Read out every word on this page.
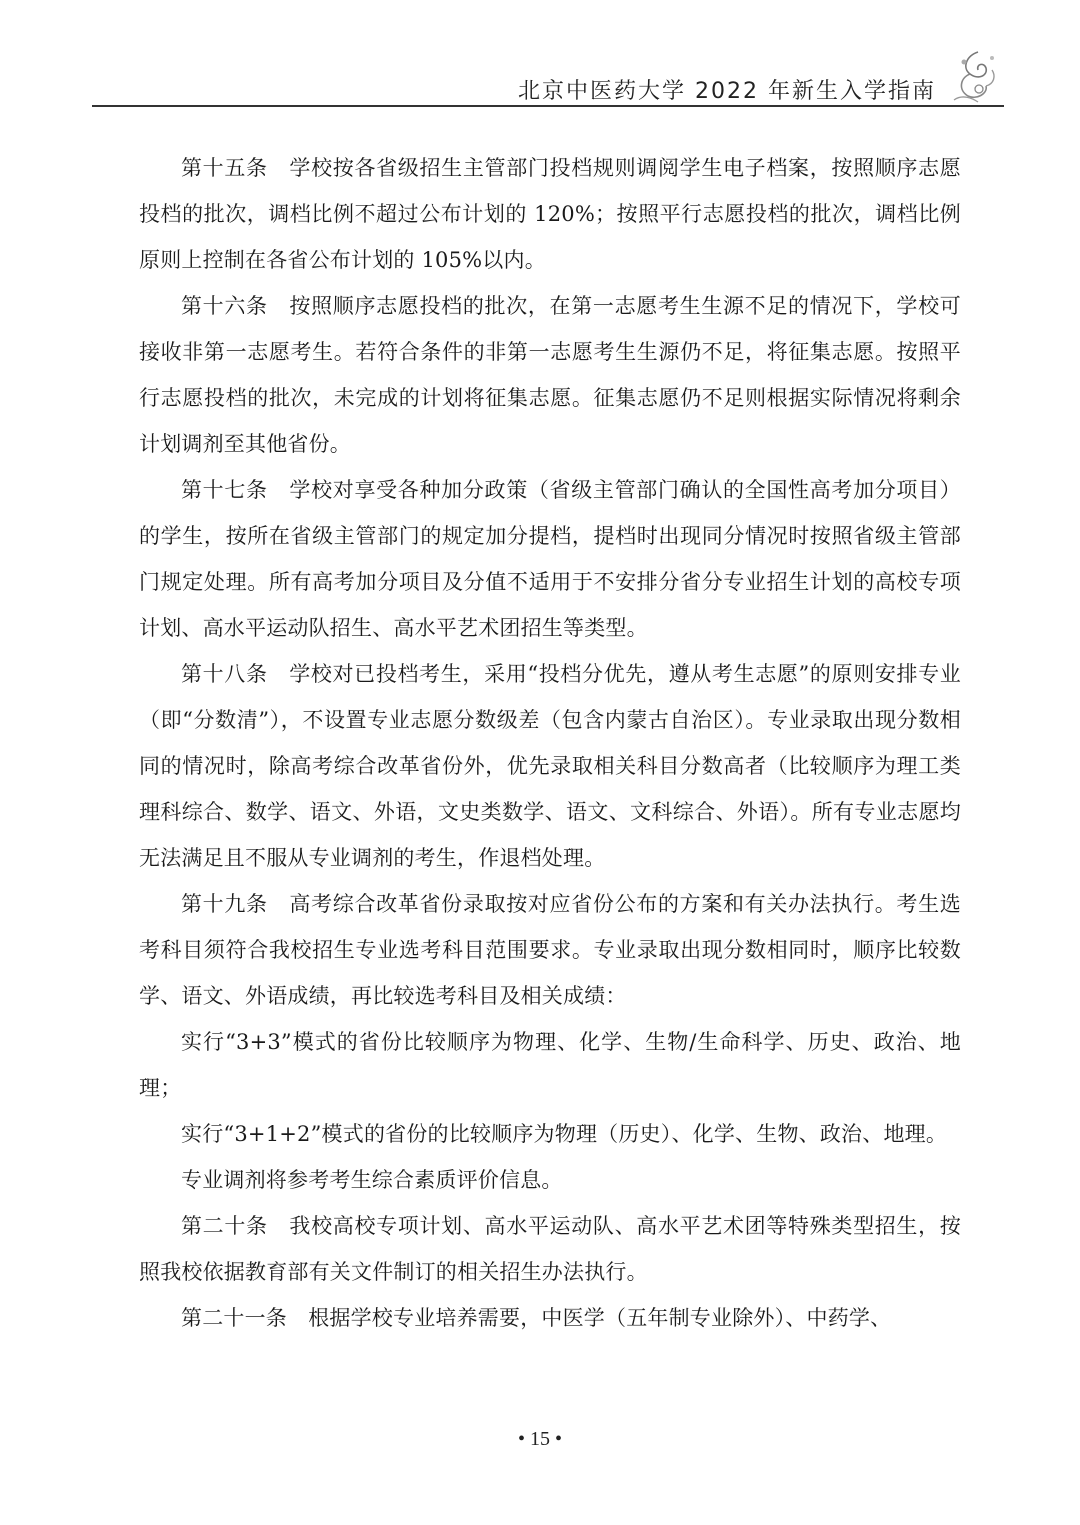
北京中医药大学 2022 年新生入学指南

第十五条　学校按各省级招生主管部门投档规则调阅学生电子档案，按照顺序志愿投档的批次，调档比例不超过公布计划的 120%；按照平行志愿投档的批次，调档比例原则上控制在各省公布计划的 105%以内。

第十六条　按照顺序志愿投档的批次，在第一志愿考生生源不足的情况下，学校可接收非第一志愿考生。若符合条件的非第一志愿考生生源仍不足，将征集志愿。按照平行志愿投档的批次，未完成的计划将征集志愿。征集志愿仍不足则根据实际情况将剩余计划调剂至其他省份。

第十七条　学校对享受各种加分政策（省级主管部门确认的全国性高考加分项目）的学生，按所在省级主管部门的规定加分提档，提档时出现同分情况时按照省级主管部门规定处理。所有高考加分项目及分值不适用于不安排分省分专业招生计划的高校专项计划、高水平运动队招生、高水平艺术团招生等类型。

第十八条　学校对已投档考生，采用“投档分优先，遵从考生志愿”的原则安排专业（即“分数清”），不设置专业志愿分数级差（包含内蒙古自治区）。专业录取出现分数相同的情况时，除高考综合改革省份外，优先录取相关科目分数高者（比较顺序为理工类理科综合、数学、语文、外语，文史类数学、语文、文科综合、外语）。所有专业志愿均无法满足且不服从专业调剂的考生，作退档处理。

第十九条　高考综合改革省份录取按对应省份公布的方案和有关办法执行。考生选考科目须符合我校招生专业选考科目范围要求。专业录取出现分数相同时，顺序比较数学、语文、外语成绩，再比较选考科目及相关成绩：

实行“3+3”模式的省份比较顺序为物理、化学、生物/生命科学、历史、政治、地理；

实行“3+1+2”模式的省份的比较顺序为物理（历史）、化学、生物、政治、地理。

专业调剂将参考考生综合素质评价信息。

第二十条　我校高校专项计划、高水平运动队、高水平艺术团等特殊类型招生，按照我校依据教育部有关文件制订的相关招生办法执行。

第二十一条　根据学校专业培养需要，中医学（五年制专业除外）、中药学、

• 15 •
